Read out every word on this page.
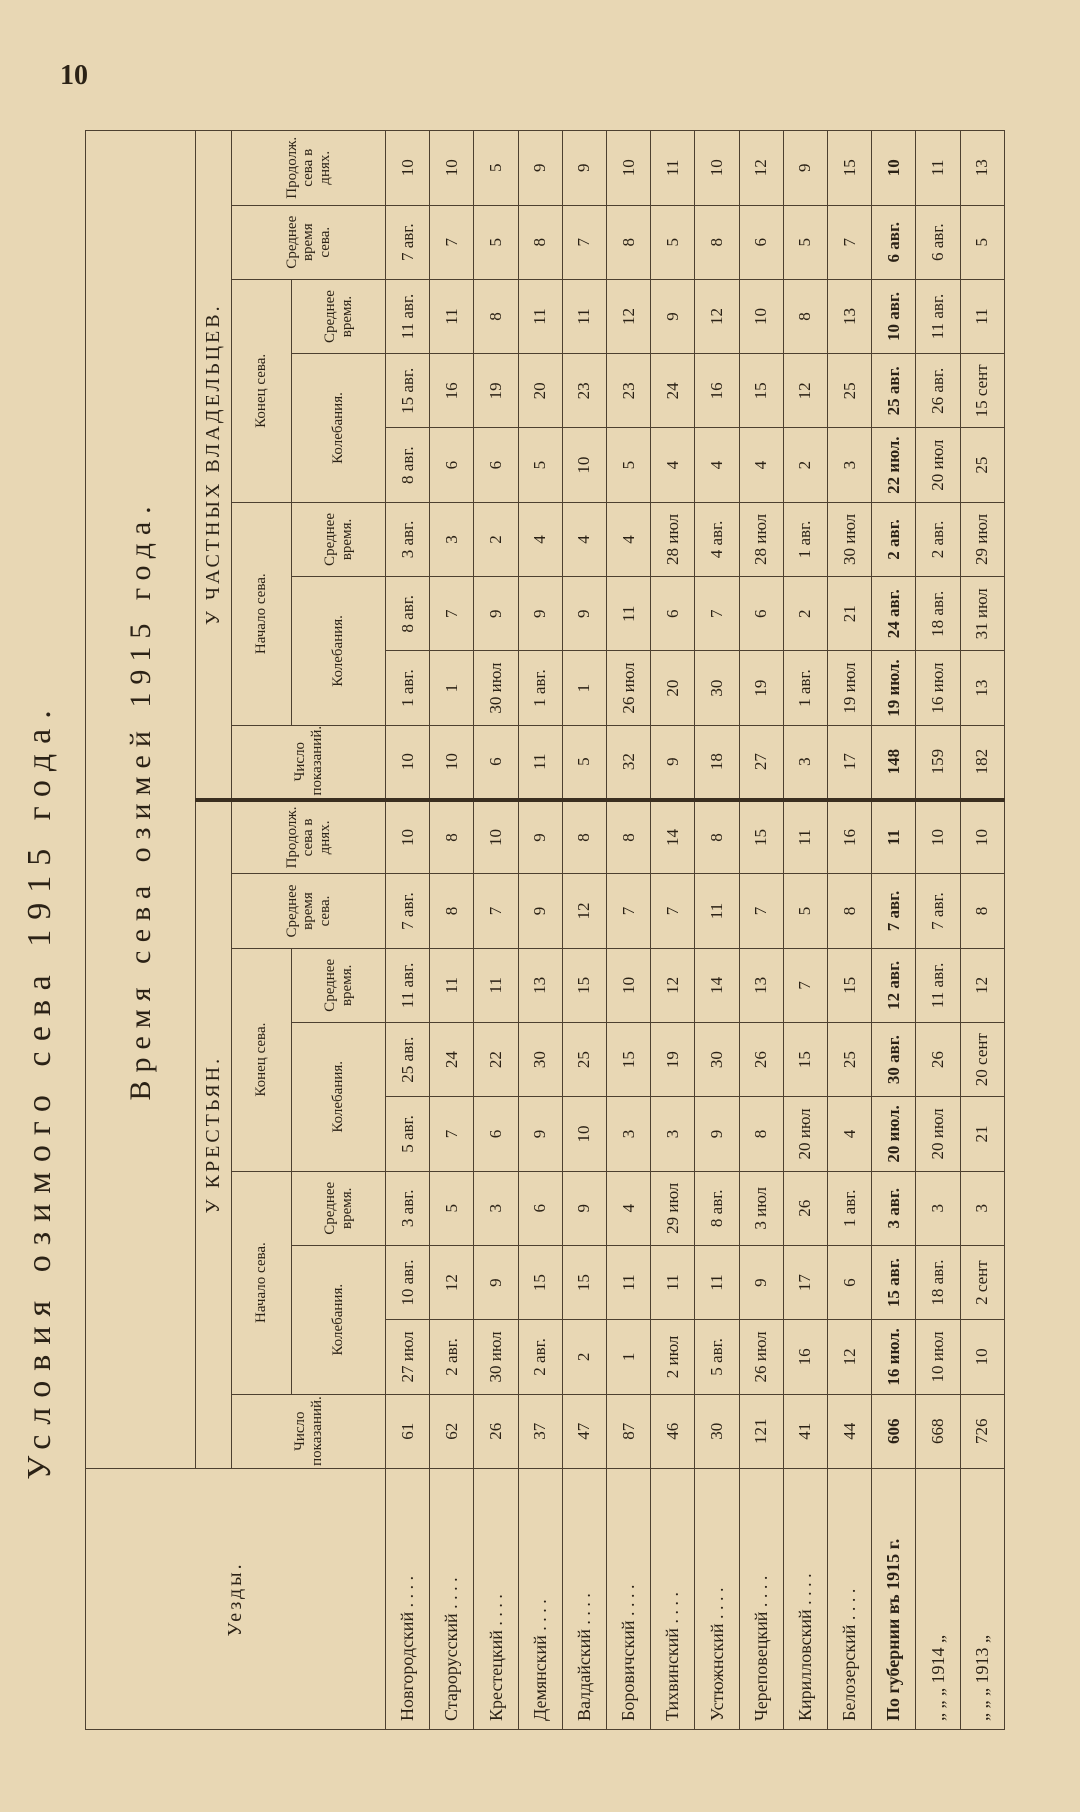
10
Условия озимого сева 1915 года.
Уезды.	Время сева озимей 1915 года.																	
	У КРЕСТЬЯН.									У ЧАСТНЫХ ВЛАДЕЛЬЦЕВ.								
	Число показаний.	Начало сева.			Конец сева.			Среднее время сева.	Продолж. сева в днях.	Число показаний.	Начало сева.			Конец сева.			Среднее время сева.	Продолж. сева в днях.
		Колебания.		Среднее время.	Колебания.		Среднее время.				Колебания.		Среднее время.	Колебания.		Среднее время.		
Новгородский . . . .	61	27 июл	10 авг.	3 авг.	5 авг.	25 авг.	11 авг.	7 авг.	10	10	1 авг.	8 авг.	3 авг.	8 авг.	15 авг.	11 авг.	7 авг.	10
Старорусский . . . .	62	2 авг.	12	5	7	24	11	8	8	10	1	7	3	6	16	11	7	10
Крестецкий . . . .	26	30 июл	9	3	6	22	11	7	10	6	30 июл	9	2	6	19	8	5	5
Демянский . . . .	37	2 авг.	15	6	9	30	13	9	9	11	1 авг.	9	4	5	20	11	8	9
Валдайский . . . .	47	2	15	9	10	25	15	12	8	5	1	9	4	10	23	11	7	9
Боровичский . . . .	87	1	11	4	3	15	10	7	8	32	26 июл	11	4	5	23	12	8	10
Тихвинский . . . .	46	2 июл	11	29 июл	3	19	12	7	14	9	20	6	28 июл	4	24	9	5	11
Устюжнский . . . .	30	5 авг.	11	8 авг.	9	30	14	11	8	18	30	7	4 авг.	4	16	12	8	10
Череповецкий . . . .	121	26 июл	9	3 июл	8	26	13	7	15	27	19	6	28 июл	4	15	10	6	12
Кирилловский . . . .	41	16	17	26	20 июл	15	7	5	11	3	1 авг.	2	1 авг.	2	12	8	5	9
Белозерский . . . .	44	12	6	1 авг.	4	25	15	8	16	17	19 июл	21	30 июл	3	25	13	7	15
По губернии въ 1915 г.	606	16 июл.	15 авг.	3 авг.	20 июл.	30 авг.	12 авг.	7 авг.	11	148	19 июл.	24 авг.	2 авг.	22 июл.	25 авг.	10 авг.	6 авг.	10
„ „ „ 1914 „	668	10 июл	18 авг.	3	20 июл	26	11 авг.	7 авг.	10	159	16 июл	18 авг.	2 авг.	20 июл	26 авг.	11 авг.	6 авг.	11
„ „ „ 1913 „	726	10	2 сент	3	21	20 сент	12	8	10	182	13	31 июл	29 июл	25	15 сент	11	5	13
